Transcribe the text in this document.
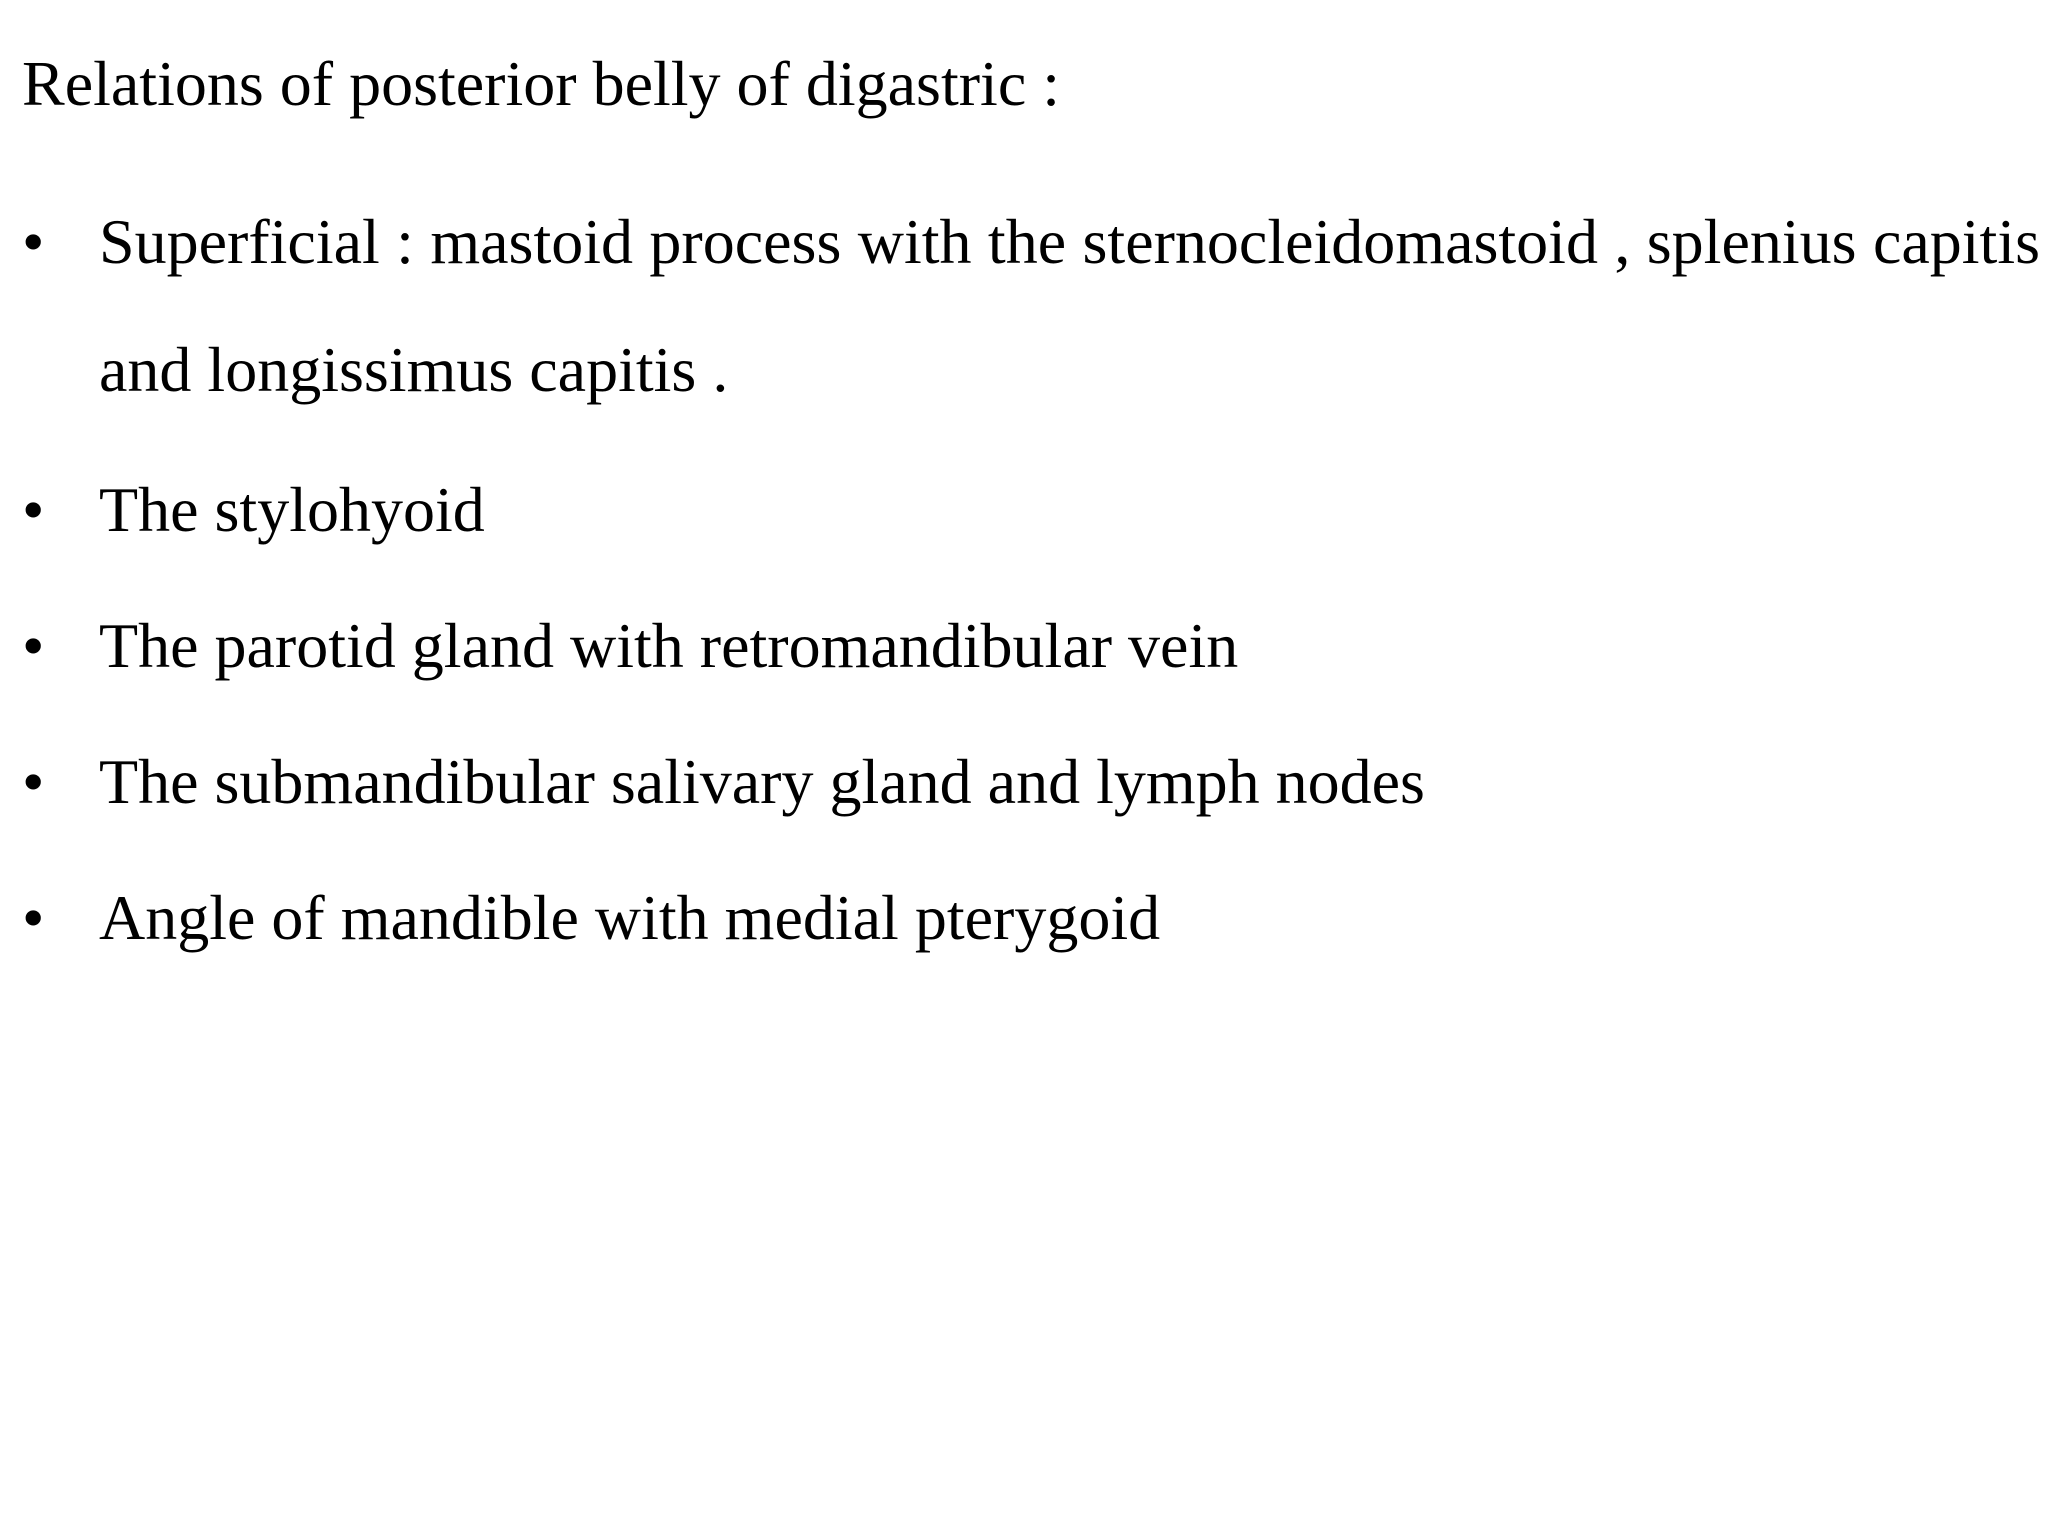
Relations of posterior belly of digastric :
• Superficial : mastoid process with the sternocleidomastoid , splenius capitis and longissimus capitis .
• The stylohyoid
• The parotid gland with retromandibular vein
• The submandibular salivary gland and lymph nodes
• Angle of mandible with medial pterygoid
